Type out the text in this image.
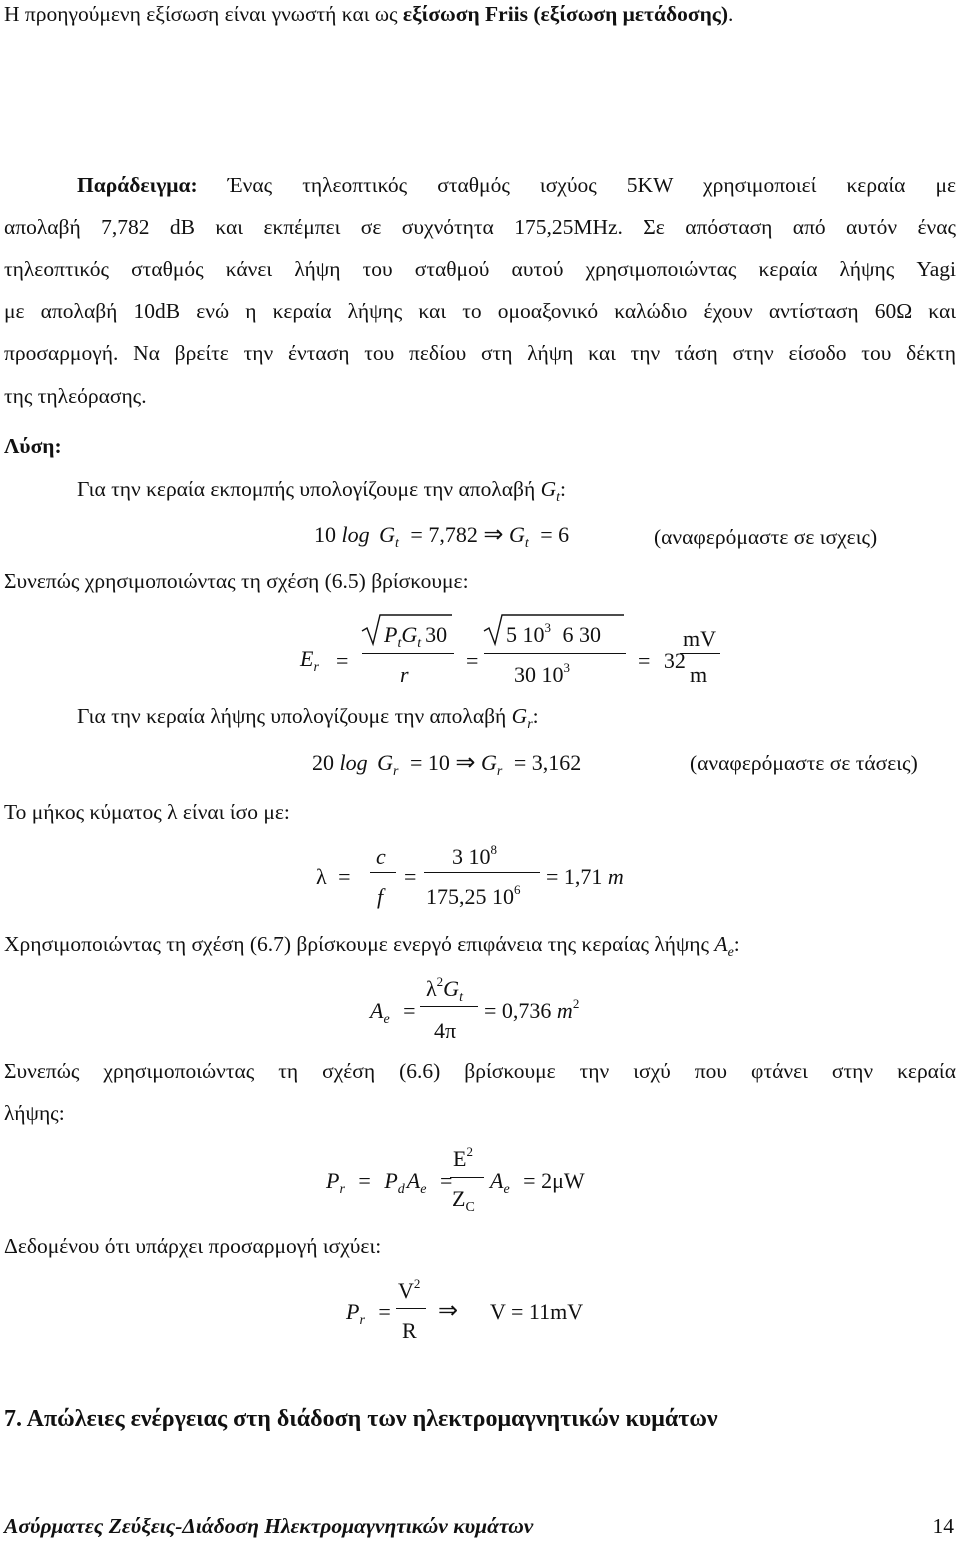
Η προηγούμενη εξίσωση είναι γνωστή και ως εξίσωση Friis (εξίσωση μετάδοσης).
Παράδειγμα: Ένας τηλεοπτικός σταθμός ισχύος 5KW χρησιμοποιεί κεραία με
απολαβή 7,782 dB και εκπέμπει σε συχνότητα 175,25MHz. Σε απόσταση από αυτόν ένας
τηλεοπτικός σταθμός κάνει λήψη του σταθμού αυτού χρησιμοποιώντας κεραία λήψης Yagi
με απολαβή 10dB ενώ η κεραία λήψης και το ομοαξονικό καλώδιο έχουν αντίσταση 60Ω και
προσαρμογή. Να βρείτε την ένταση του πεδίου στη λήψη και την τάση στην είσοδο του δέκτη
της τηλεόρασης.
Λύση:
Για την κεραία εκπομπής υπολογίζουμε την απολαβή $G_t$:
10 $\log G_t = 7,782$ ⇒ $G_t = 6$	(αναφερόμαστε σε ισχεις)
Συνεπώς χρησιμοποιώντας τη σχέση (6.5) βρίσκουμε:
$E_r$ =
$P_tG_t$ 30
r
=
5 $10^3$ 6 30
30 $10^3$	= 32
mV
m
Για την κεραία λήψης υπολογίζουμε την απολαβή $G_r$:
20 $\log G_r = 10$ ⇒ $G_r = 3,162$	(αναφερόμαστε σε τάσεις)
Το μήκος κύματος λ είναι ίσο με:
λ =
c
f
=
3 $10^8$
175,25 $10^6$
= 1,71 m
Χρησιμοποιώντας τη σχέση (6.7) βρίσκουμε ενεργό επιφάνεια της κεραίας λήψης $A_e$:
$A_e$ =
$\lambda^2G_t$
4π
= 0,736 $m^2$
Συνεπώς χρησιμοποιώντας τη σχέση (6.6) βρίσκουμε την ισχύ που φτάνει στην κεραία
λήψης:
$P_r = P_dA_e$ =
$E^2$
$Z_C$
$A_e = 2\mu W$
Δεδομένου ότι υπάρχει προσαρμογή ισχύει:
$P_r$ =
$V^2$
R
⇒ V = 11mV
7. Απώλειες ενέργειας στη διάδοση των ηλεκτρομαγνητικών κυμάτων
Ασύρματες Ζεύξεις-Διάδοση Ηλεκτρομαγνητικών κυμάτων	14
